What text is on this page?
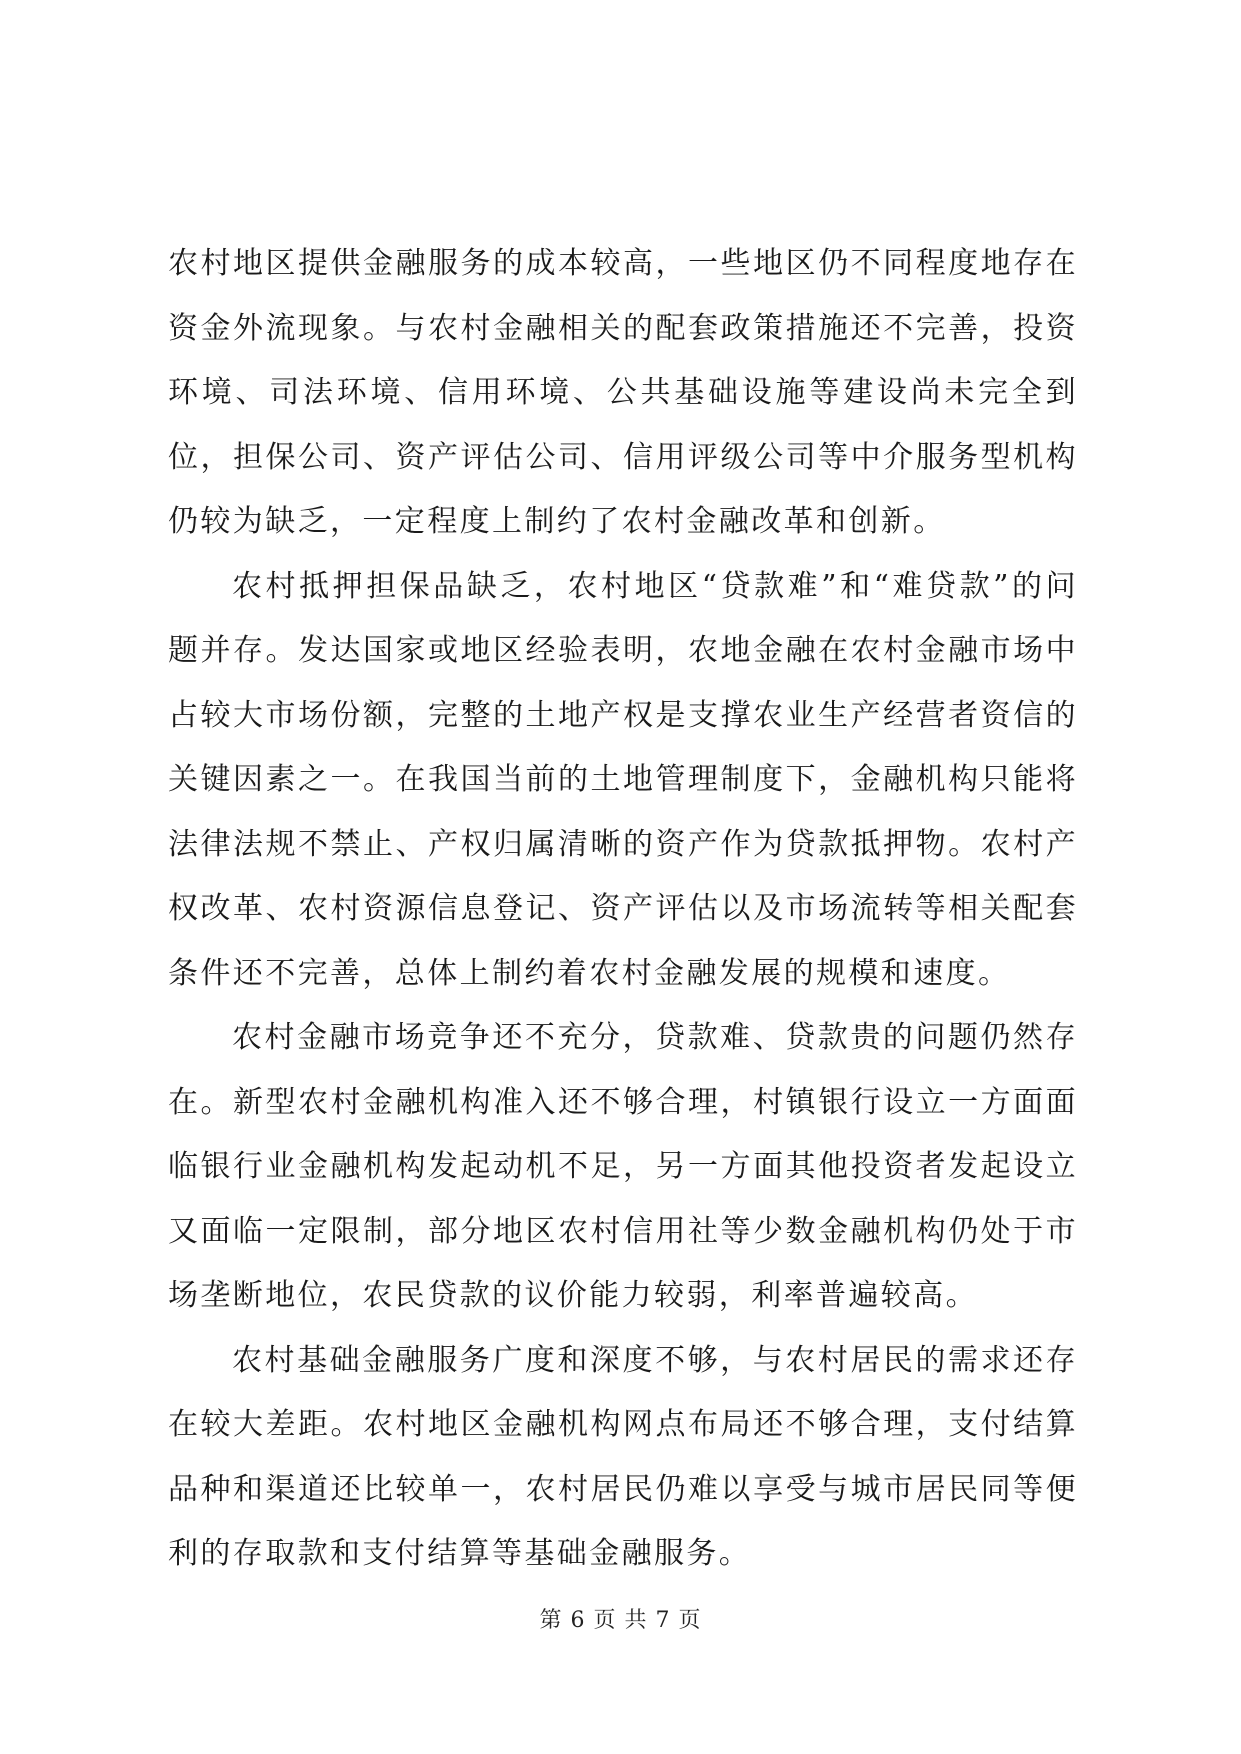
农村地区提供金融服务的成本较高，一些地区仍不同程度地存在资金外流现象。与农村金融相关的配套政策措施还不完善，投资环境、司法环境、信用环境、公共基础设施等建设尚未完全到位，担保公司、资产评估公司、信用评级公司等中介服务型机构仍较为缺乏，一定程度上制约了农村金融改革和创新。

农村抵押担保品缺乏，农村地区“贷款难”和“难贷款”的问题并存。发达国家或地区经验表明，农地金融在农村金融市场中占较大市场份额，完整的土地产权是支撑农业生产经营者资信的关键因素之一。在我国当前的土地管理制度下，金融机构只能将法律法规不禁止、产权归属清晰的资产作为贷款抵押物。农村产权改革、农村资源信息登记、资产评估以及市场流转等相关配套条件还不完善，总体上制约着农村金融发展的规模和速度。

农村金融市场竞争还不充分，贷款难、贷款贵的问题仍然存在。新型农村金融机构准入还不够合理，村镇银行设立一方面面临银行业金融机构发起动机不足，另一方面其他投资者发起设立又面临一定限制，部分地区农村信用社等少数金融机构仍处于市场垄断地位，农民贷款的议价能力较弱，利率普遍较高。

农村基础金融服务广度和深度不够，与农村居民的需求还存在较大差距。农村地区金融机构网点布局还不够合理，支付结算品种和渠道还比较单一，农村居民仍难以享受与城市居民同等便利的存取款和支付结算等基础金融服务。

第 6 页 共 7 页
